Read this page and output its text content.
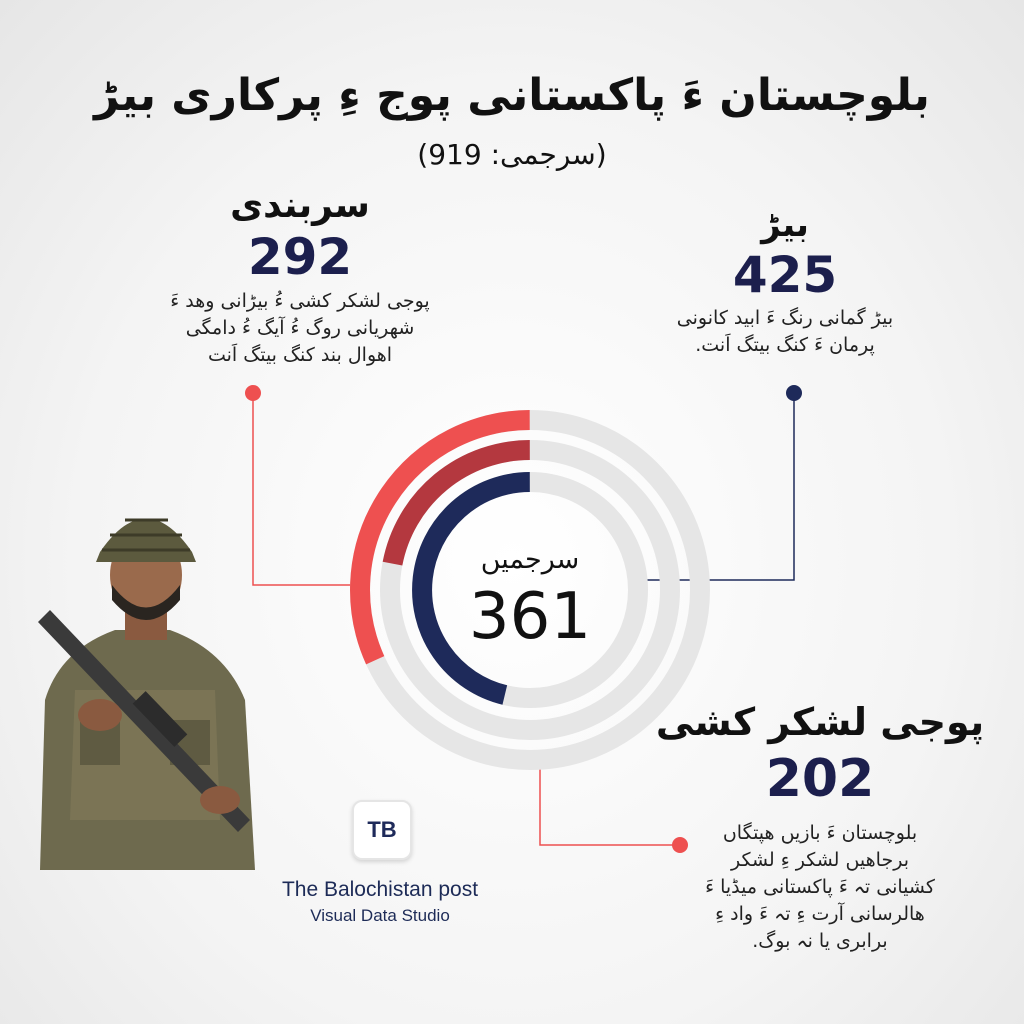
بلوچستان ءَ پاکستانی پوج ءِ پرکاری بیڑ
(سرجمی: 919)
سرجمیں
361
سربندی
292
پوجی لشکر کشی ءُ بیڑانی وھد ءَ
شھریانی روگ ءُ آیگ ءُ دامگی
اھوال بند کنگ بیتگ اَنت
بیڑ
425
بیڑ گمانی رنگ ءَ ابید کانونی
پرمان ءَ کنگ بیتگ اَنت.
پوجی لشکر کشی
202
بلوچستان ءَ بازیں ھپتگاں
برجاھیں لشکر ءِ لشکر
کشیانی تہ ءَ پاکستانی میڈیا ءَ
ھالرسانی آرت ءِ تہ ءَ واد ءِ
برابری یا نہ بوگ.
TB
The Balochistan post
Visual Data Studio
